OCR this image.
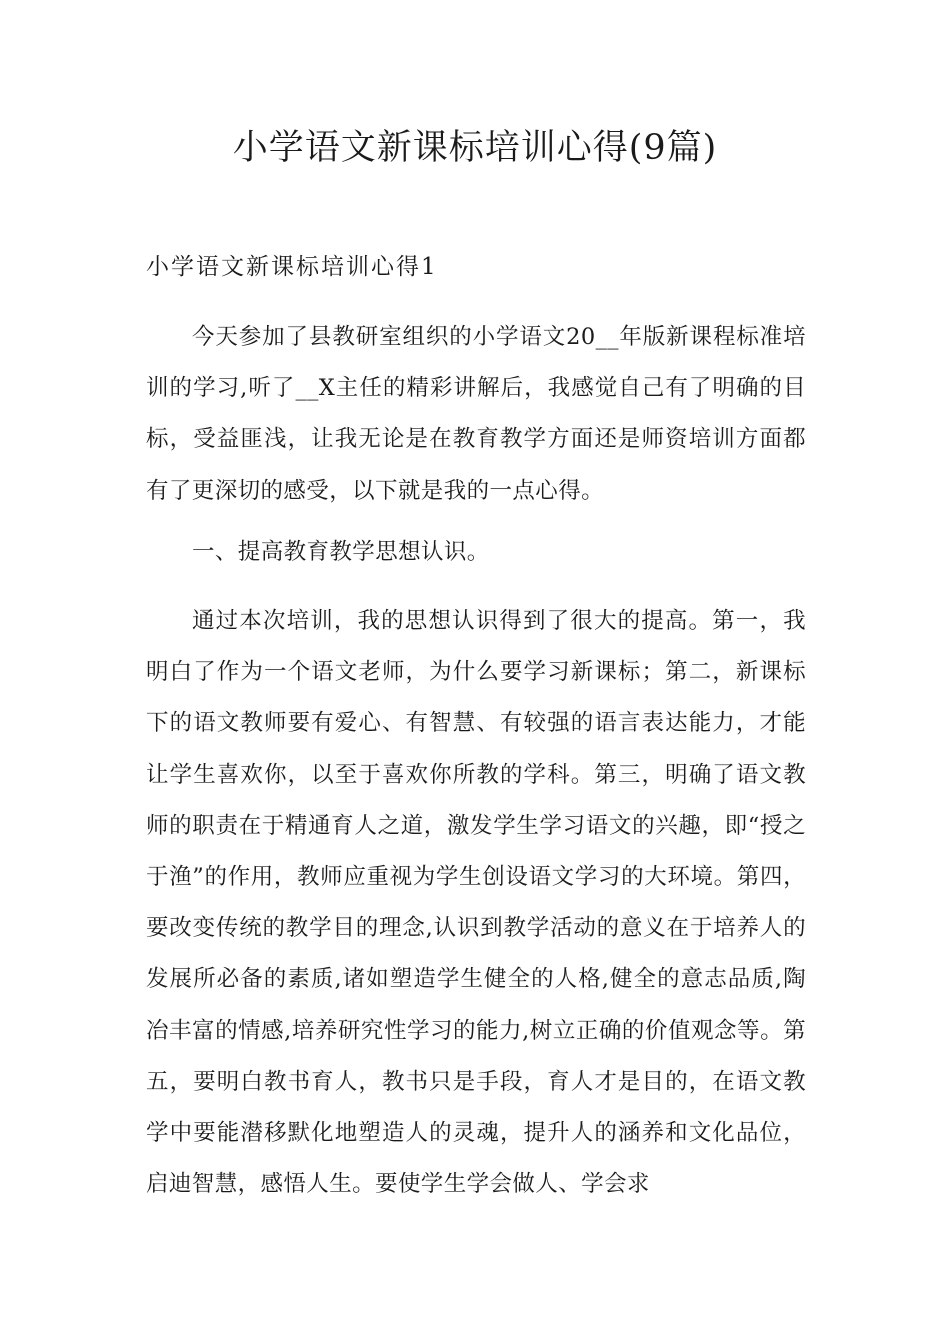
小学语文新课标培训心得(9篇)
小学语文新课标培训心得1

今天参加了县教研室组织的小学语文20__年版新课程标准培训的学习,听了__X主任的精彩讲解后，我感觉自己有了明确的目标，受益匪浅，让我无论是在教育教学方面还是师资培训方面都有了更深切的感受，以下就是我的一点心得。

一、提高教育教学思想认识。

通过本次培训，我的思想认识得到了很大的提高。第一，我明白了作为一个语文老师，为什么要学习新课标；第二，新课标下的语文教师要有爱心、有智慧、有较强的语言表达能力，才能让学生喜欢你，以至于喜欢你所教的学科。第三，明确了语文教师的职责在于精通育人之道，激发学生学习语文的兴趣，即“授之于渔”的作用，教师应重视为学生创设语文学习的大环境。第四，要改变传统的教学目的理念,认识到教学活动的意义在于培养人的发展所必备的素质,诸如塑造学生健全的人格,健全的意志品质,陶冶丰富的情感,培养研究性学习的能力,树立正确的价值观念等。第五，要明白教书育人，教书只是手段，育人才是目的，在语文教学中要能潜移默化地塑造人的灵魂，提升人的涵养和文化品位，启迪智慧，感悟人生。要使学生学会做人、学会求
